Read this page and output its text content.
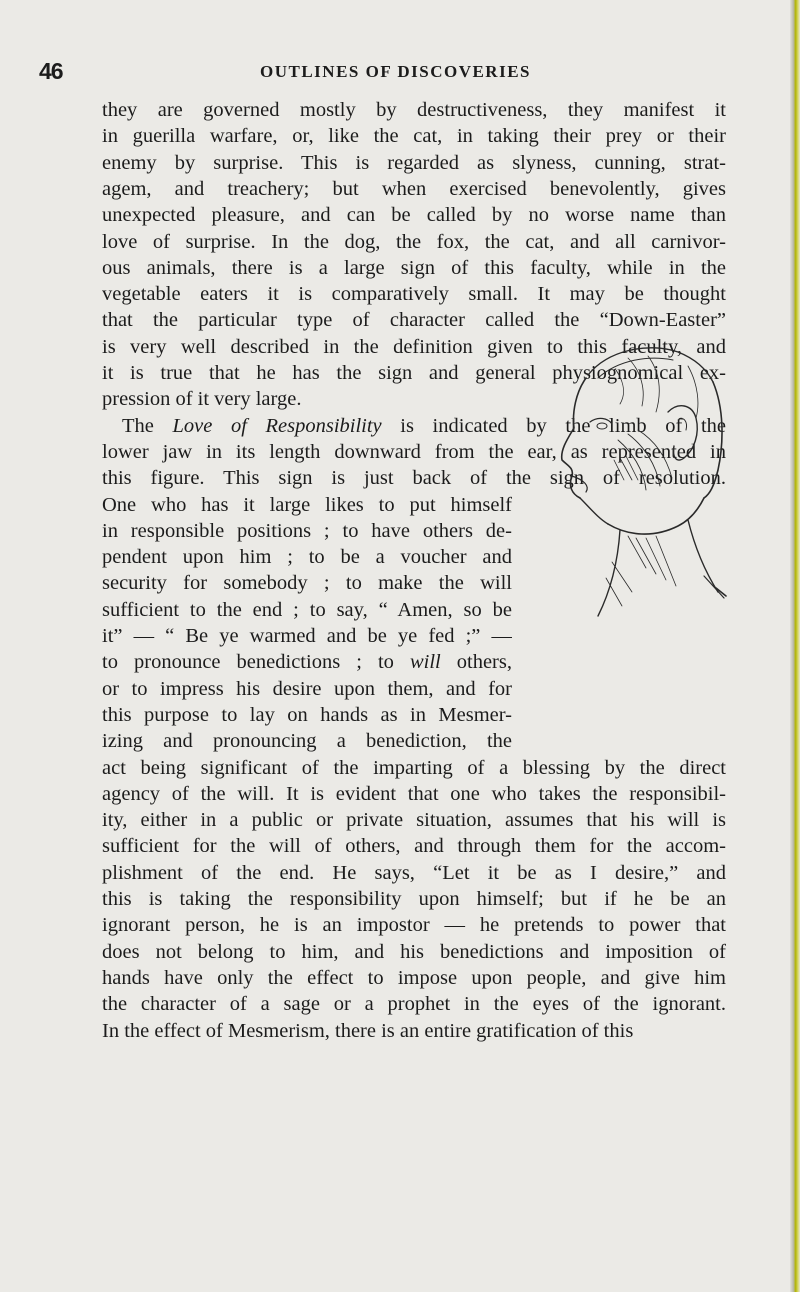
46	OUTLINES OF DISCOVERIES
they are governed mostly by destructiveness, they manifest it
in guerilla warfare, or, like the cat, in taking their prey or their
enemy by surprise. This is regarded as slyness, cunning, strat-
agem, and treachery; but when exercised benevolently, gives
unexpected pleasure, and can be called by no worse name than
love of surprise. In the dog, the fox, the cat, and all carnivor-
ous animals, there is a large sign of this faculty, while in the
vegetable eaters it is comparatively small. It may be thought
that the particular type of character called the “Down-Easter”
is very well described in the definition given to this faculty, and
it is true that he has the sign and general physiognomical ex-
pression of it very large.
The Love of Responsibility is indicated by the limb of the
lower jaw in its length downward from the ear, as represented in
this figure. This sign is just back of the sign of resolution.
One who has it large likes to put himself
in responsible positions ; to have others de-
pendent upon him ; to be a voucher and
security for somebody ; to make the will
sufficient to the end ; to say, “ Amen, so be
it” — “ Be ye warmed and be ye fed ;” —
to pronounce benedictions ; to will others,
or to impress his desire upon them, and for
this purpose to lay on hands as in Mesmer-
izing and pronouncing a benediction, the
act being significant of the imparting of a blessing by the direct
agency of the will. It is evident that one who takes the responsibil-
ity, either in a public or private situation, assumes that his will is
sufficient for the will of others, and through them for the accom-
plishment of the end. He says, “Let it be as I desire,” and
this is taking the responsibility upon himself; but if he be an
ignorant person, he is an impostor — he pretends to power that
does not belong to him, and his benedictions and imposition of
hands have only the effect to impose upon people, and give him
the character of a sage or a prophet in the eyes of the ignorant.
In the effect of Mesmerism, there is an entire gratification of this
